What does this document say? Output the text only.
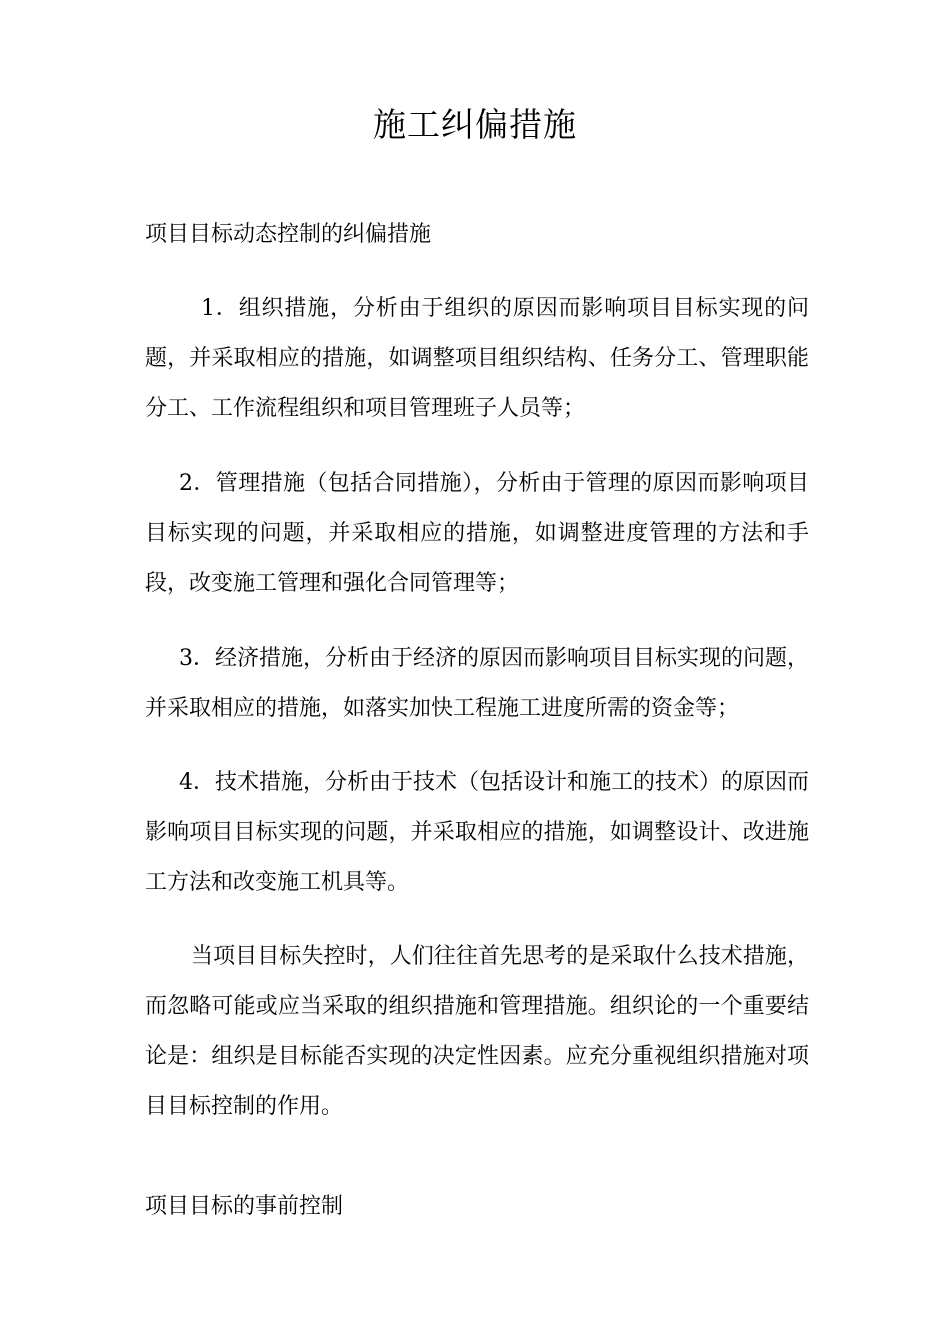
施工纠偏措施
项目目标动态控制的纠偏措施

1．组织措施，分析由于组织的原因而影响项目目标实现的问题，并采取相应的措施，如调整项目组织结构、任务分工、管理职能分工、工作流程组织和项目管理班子人员等；

2．管理措施（包括合同措施），分析由于管理的原因而影响项目目标实现的问题，并采取相应的措施，如调整进度管理的方法和手段，改变施工管理和强化合同管理等；

3．经济措施，分析由于经济的原因而影响项目目标实现的问题，并采取相应的措施，如落实加快工程施工进度所需的资金等；

4．技术措施，分析由于技术（包括设计和施工的技术）的原因而影响项目目标实现的问题，并采取相应的措施，如调整设计、改进施工方法和改变施工机具等。

当项目目标失控时，人们往往首先思考的是采取什么技术措施，而忽略可能或应当采取的组织措施和管理措施。组织论的一个重要结论是：组织是目标能否实现的决定性因素。应充分重视组织措施对项目目标控制的作用。

项目目标的事前控制
